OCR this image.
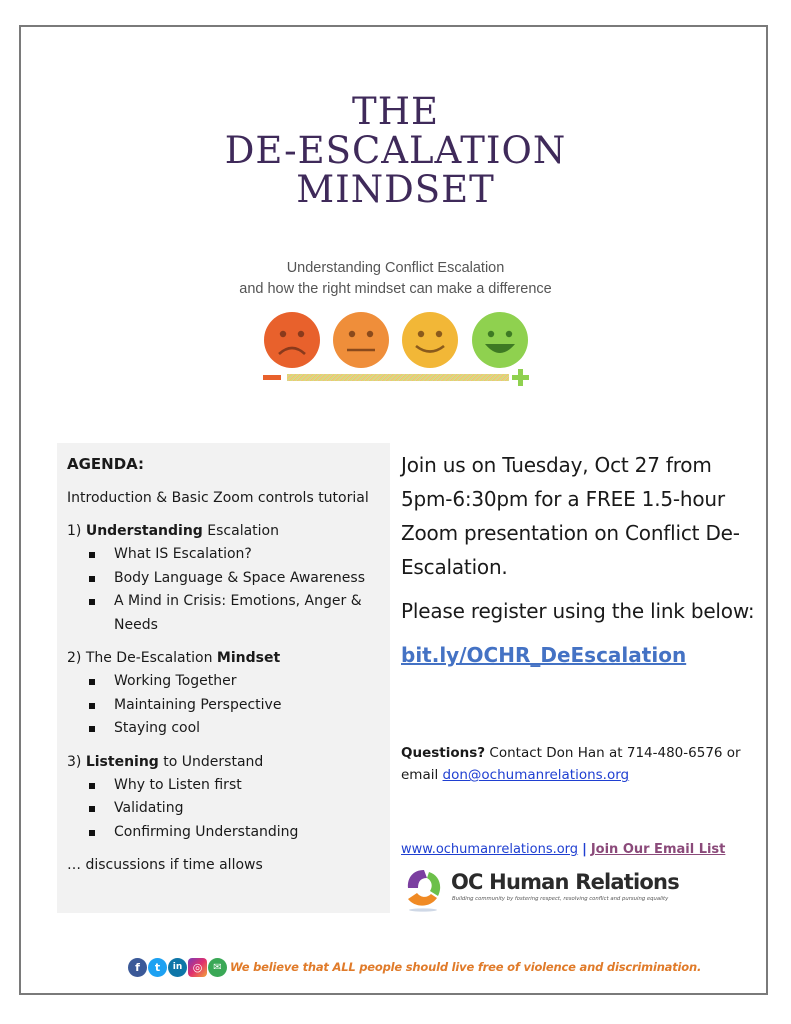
THE
DE-ESCALATION
MINDSET
Understanding Conflict Escalation
and how the right mindset can make a difference
AGENDA:
Introduction & Basic Zoom controls tutorial
1) Understanding Escalation
What IS Escalation?
Body Language & Space Awareness
A Mind in Crisis: Emotions, Anger & Needs
2) The De-Escalation Mindset
Working Together
Maintaining Perspective
Staying cool
3) Listening to Understand
Why to Listen first
Validating
Confirming Understanding
… discussions if time allows

Join us on Tuesday, Oct 27 from 5pm-6:30pm for a FREE 1.5-hour Zoom presentation on Conflict De-Escalation.

Please register using the link below:

bit.ly/OCHR_DeEscalation
Questions? Contact Don Han at 714-480-6576 or email don@ochumanrelations.org
www.ochumanrelations.org | Join Our Email List
OC Human Relations
Building community by fostering respect, resolving conflict and pursuing equality
f	t	in ◎	✉ We believe that ALL people should live free of violence and discrimination.
